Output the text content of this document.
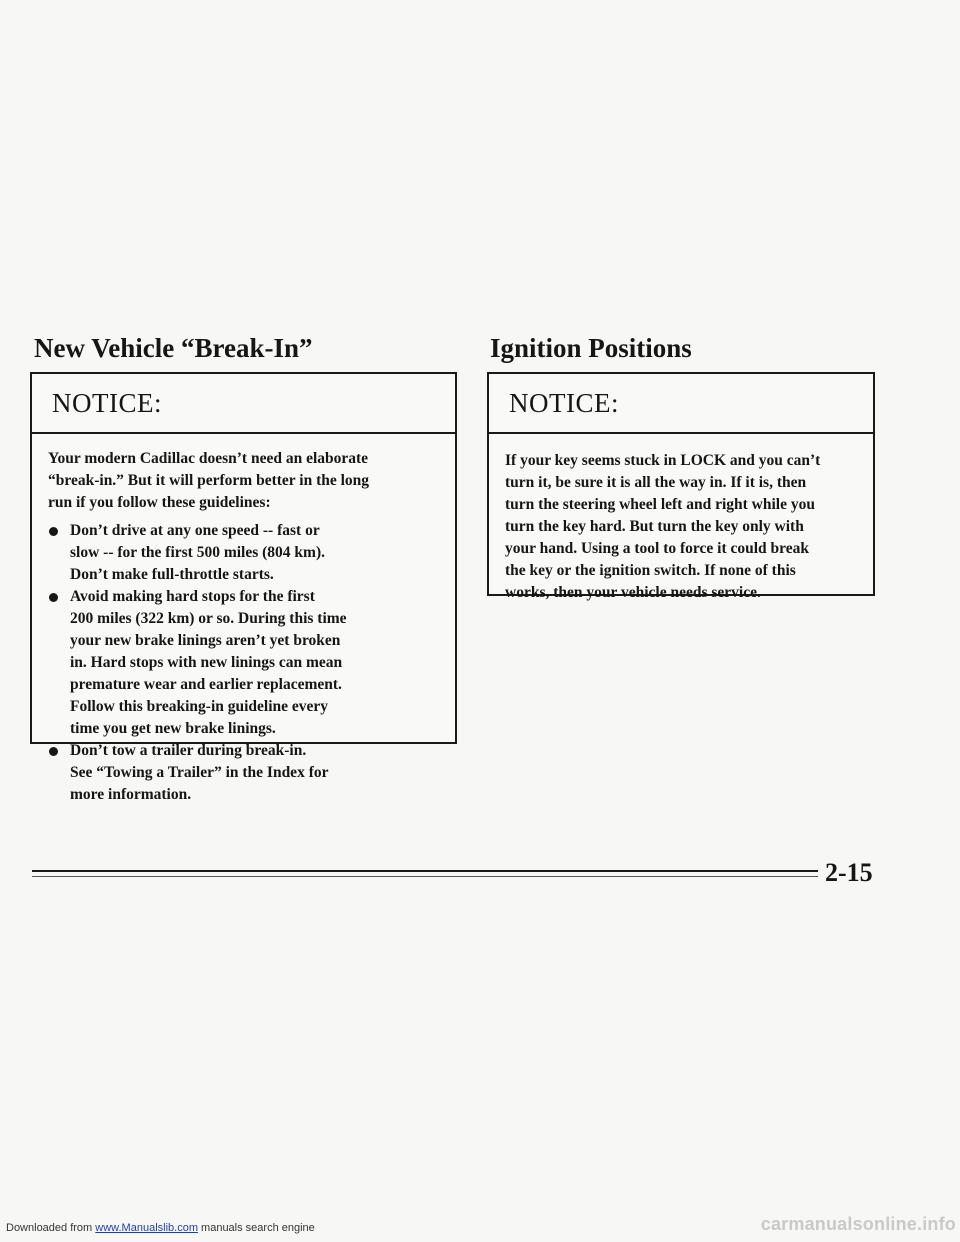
New Vehicle “Break-In”
NOTICE:

Your modern Cadillac doesn’t need an elaborate
“break-in.” But it will perform better in the long
run if you follow these guidelines:

Don’t drive at any one speed -- fast or
slow -- for the first 500 miles (804 km).
Don’t make full-throttle starts.
Avoid making hard stops for the first
200 miles (322 km) or so. During this time
your new brake linings aren’t yet broken
in. Hard stops with new linings can mean
premature wear and earlier replacement.
Follow this breaking-in guideline every
time you get new brake linings.
Don’t tow a trailer during break-in.
See “Towing a Trailer” in the Index for
more information.
Ignition Positions
NOTICE:

If your key seems stuck in LOCK and you can’t
turn it, be sure it is all the way in. If it is, then
turn the steering wheel left and right while you
turn the key hard. But turn the key only with
your hand. Using a tool to force it could break
the key or the ignition switch. If none of this
works, then your vehicle needs service.

2-15
Downloaded from www.Manualslib.com manuals search engine	carmanualsonline.info
